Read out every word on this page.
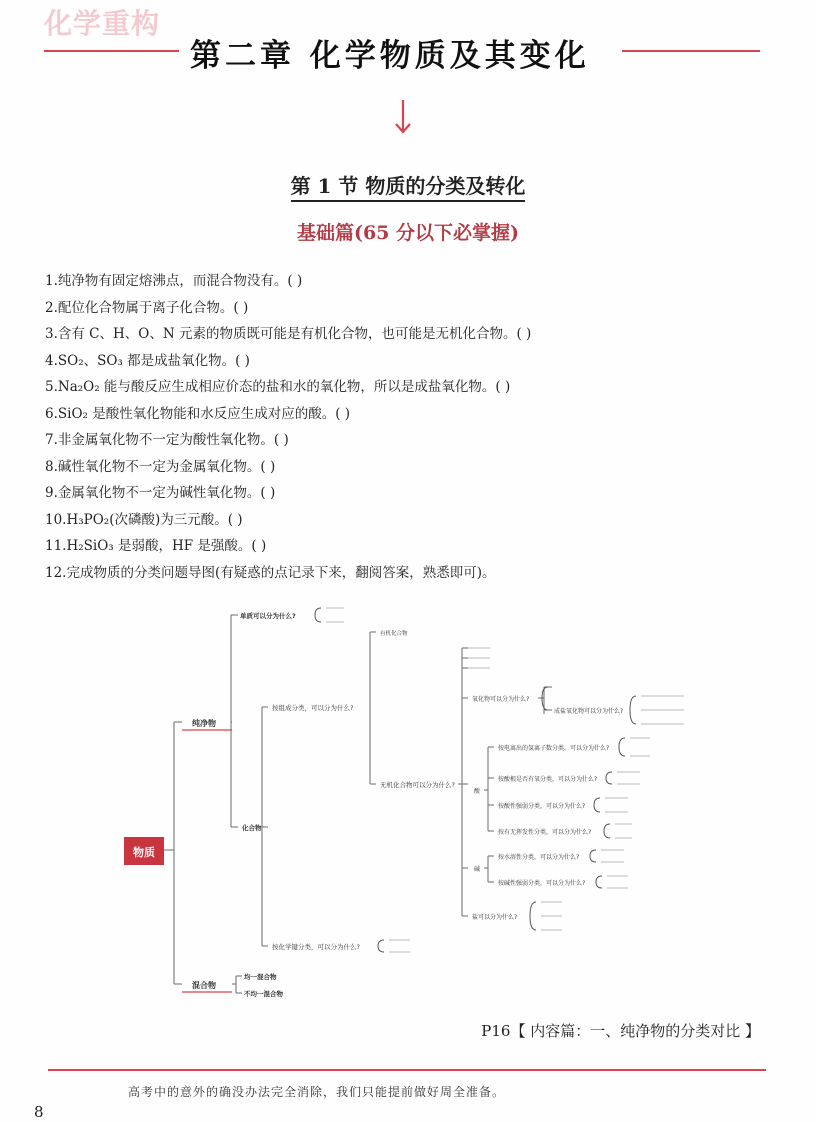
化学重构
第二章 化学物质及其变化
第 1 节 物质的分类及转化
基础篇(65 分以下必掌握)
1.纯净物有固定熔沸点，而混合物没有。( )
2.配位化合物属于离子化合物。( )
3.含有 C、H、O、N 元素的物质既可能是有机化合物，也可能是无机化合物。( )
4.SO₂、SO₃ 都是成盐氧化物。( )
5.Na₂O₂ 能与酸反应生成相应价态的盐和水的氧化物，所以是成盐氧化物。( )
6.SiO₂ 是酸性氧化物能和水反应生成对应的酸。( )
7.非金属氧化物不一定为酸性氧化物。( )
8.碱性氧化物不一定为金属氧化物。( )
9.金属氧化物不一定为碱性氧化物。( )
10.H₃PO₂(次磷酸)为三元酸。( )
11.H₂SiO₃ 是弱酸，HF 是强酸。( )
12.完成物质的分类问题导图(有疑惑的点记录下来，翻阅答案，熟悉即可)。
物质
纯净物
混合物
单质可以分为什么?
化合物
按组成分类，可以分为什么?
有机化合物
无机化合物可以分为什么?
氧化物可以分为什么?
成盐氧化物可以分为什么?
酸
按电离出的氢离子数分类，可以分为什么?
按酸根是否有氧分类，可以分为什么?
按酸性强弱分类，可以分为什么?
按有无挥发性分类，可以分为什么?
碱
按水溶性分类，可以分为什么?
按碱性强弱分类，可以分为什么?
盐可以分为什么?
按化学键分类，可以分为什么?
均一混合物
不均一混合物
P16【 内容篇：一、纯净物的分类对比 】
高考中的意外的确没办法完全消除，我们只能提前做好周全准备。
8
